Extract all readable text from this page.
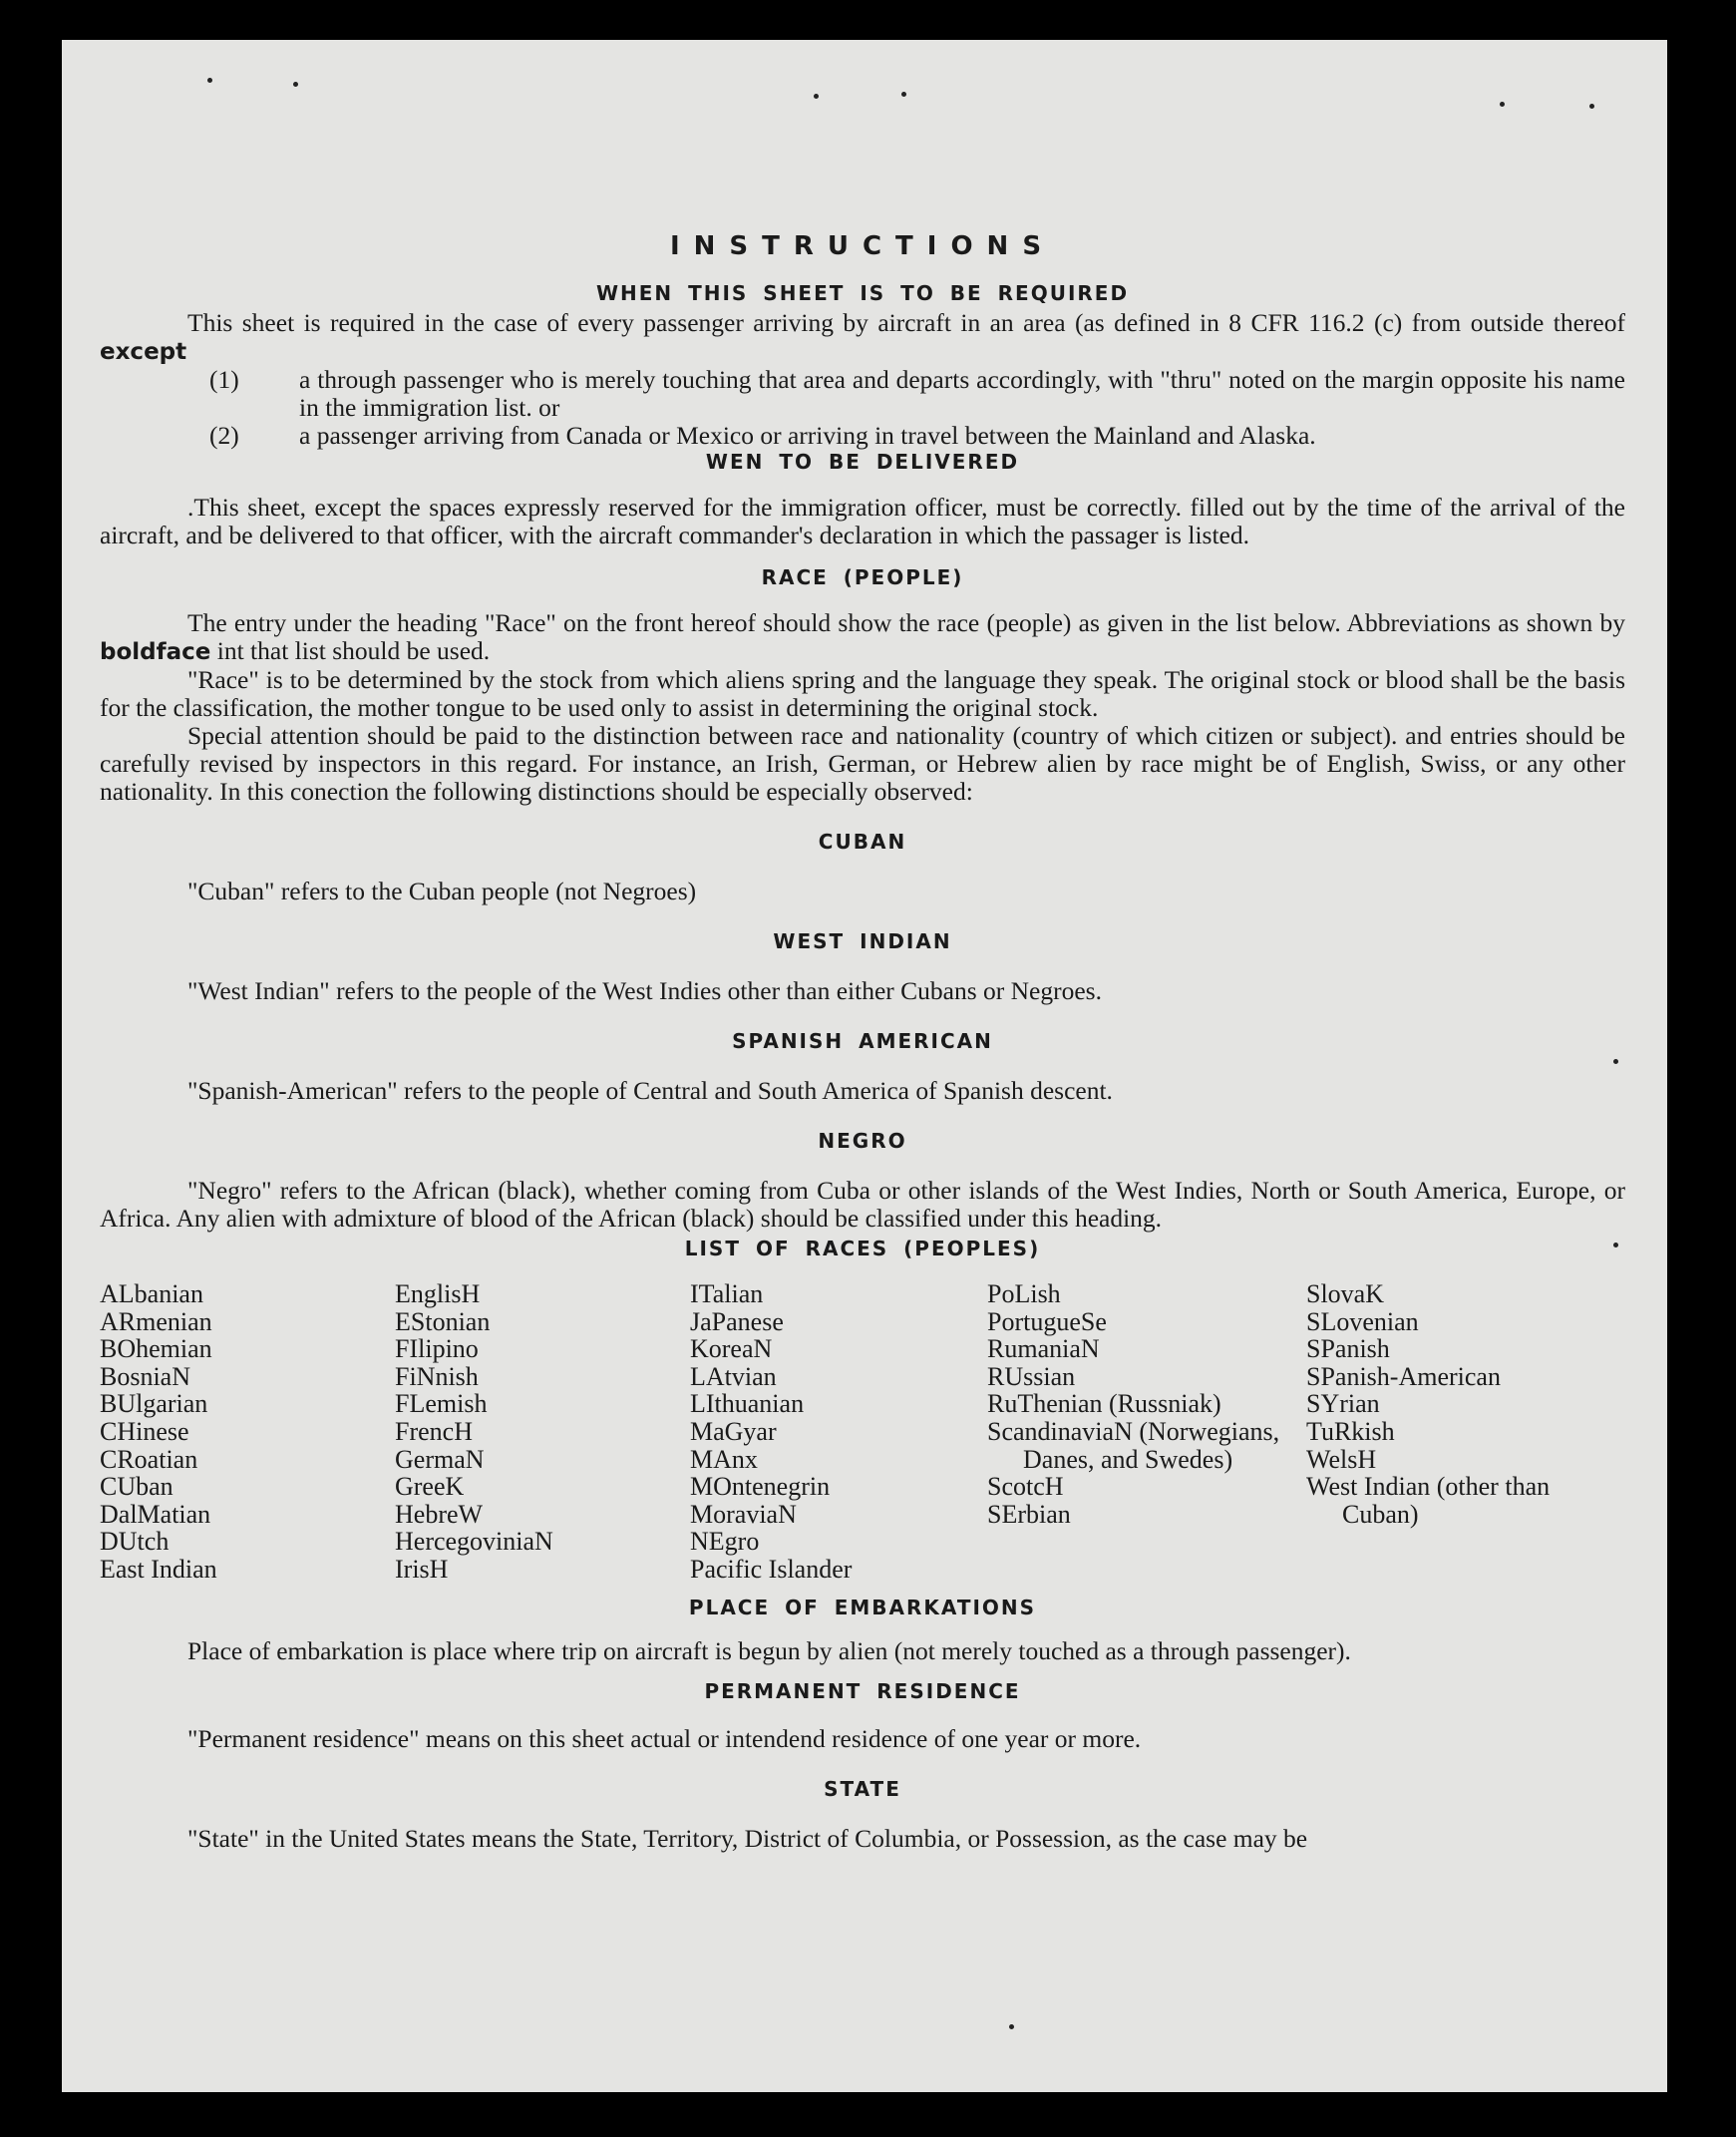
INSTRUCTIONS
WHEN THIS SHEET IS TO BE REQUIRED

This sheet is required in the case of every passenger arriving by aircraft in an area (as defined in 8 CFR 116.2 (c) from outside thereof except

(1) a through passenger who is merely touching that area and departs accordingly, with "thru" noted on the margin opposite his name in the immigration list. or
(2) a passenger arriving from Canada or Mexico or arriving in travel between the Mainland and Alaska.
WEN TO BE DELIVERED

.This sheet, except the spaces expressly reserved for the immigration officer, must be correctly. filled out by the time of the arrival of the aircraft, and be delivered to that officer, with the aircraft commander's declaration in which the passager is listed.

RACE (PEOPLE)

The entry under the heading "Race" on the front hereof should show the race (people) as given in the list below. Abbreviations as shown by boldface int that list should be used.

"Race" is to be determined by the stock from which aliens spring and the language they speak. The original stock or blood shall be the basis for the classification, the mother tongue to be used only to assist in determining the original stock.

Special attention should be paid to the distinction between race and nationality (country of which citizen or subject). and entries should be carefully revised by inspectors in this regard. For instance, an Irish, German, or Hebrew alien by race might be of English, Swiss, or any other nationality. In this conection the following distinctions should be especially observed:

CUBAN

"Cuban" refers to the Cuban people (not Negroes)

WEST INDIAN

"West Indian" refers to the people of the West Indies other than either Cubans or Negroes.

SPANISH AMERICAN

"Spanish-American" refers to the people of Central and South America of Spanish descent.

NEGRO

"Negro" refers to the African (black), whether coming from Cuba or other islands of the West Indies, North or South America, Europe, or Africa. Any alien with admixture of blood of the African (black) should be classified under this heading.

LIST OF RACES (PEOPLES)
ALbanian
ARmenian
BOhemian
BosniaN
BUlgarian
CHinese
CRoatian
CUban
DalMatian
DUtch
East Indian
EnglisH
EStonian
FIlipino
FiNnish
FLemish
FrencH
GermaN
GreeK
HebreW
HercegoviniaN
IrisH
ITalian
JaPanese
KoreaN
LAtvian
LIthuanian
MaGyar
MAnx
MOntenegrin
MoraviaN
NEgro
Pacific Islander
PoLish
PortugueSe
RumaniaN
RUssian
RuThenian (Russniak)
ScandinaviaN (Norwegians, Danes, and Swedes)
ScotcH
SErbian
SlovaK
SLovenian
SPanish
SPanish-American
SYrian
TuRkish
WelsH
West Indian (other than Cuban)
PLACE OF EMBARKATIONS

Place of embarkation is place where trip on aircraft is begun by alien (not merely touched as a through passenger).

PERMANENT RESIDENCE

"Permanent residence" means on this sheet actual or intendend residence of one year or more.

STATE

"State" in the United States means the State, Territory, District of Columbia, or Possession, as the case may be
